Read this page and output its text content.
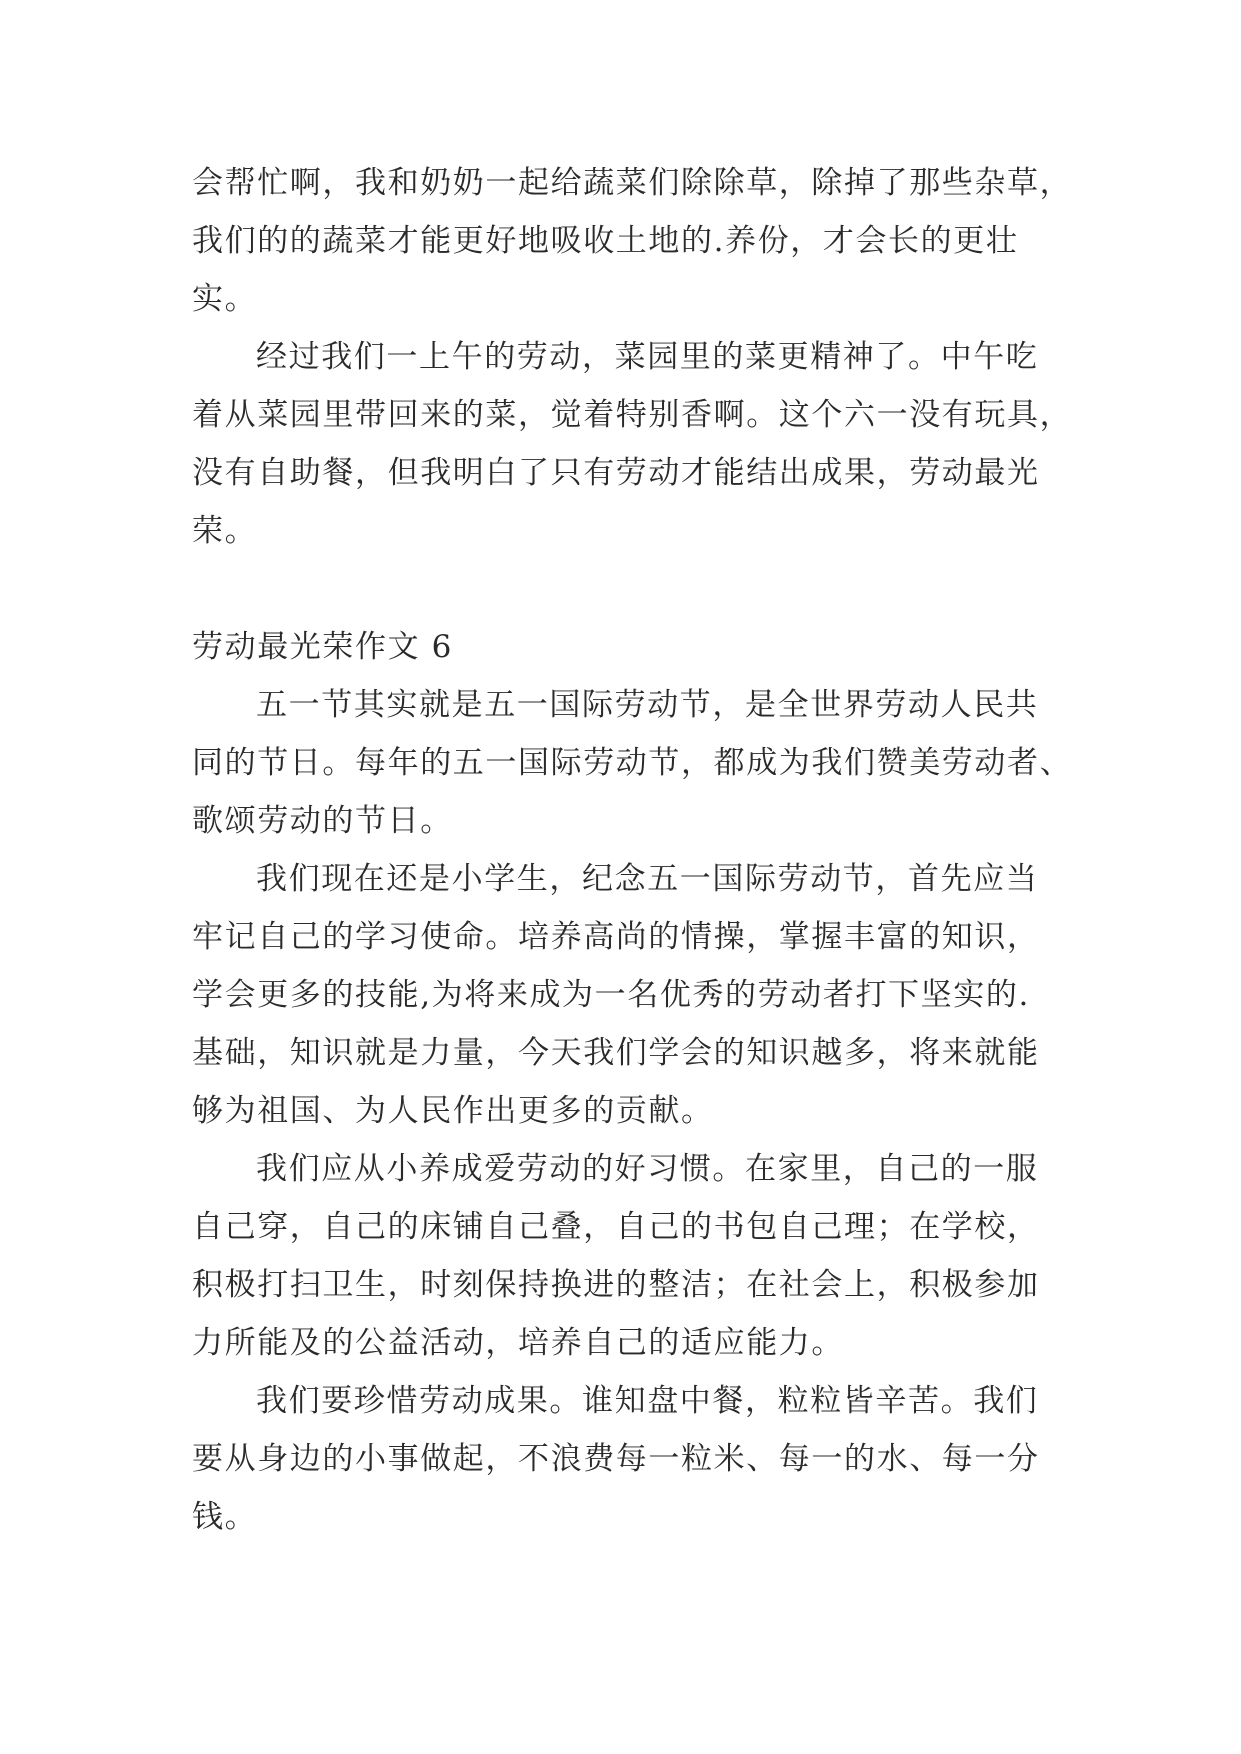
会帮忙啊，我和奶奶一起给蔬菜们除除草，除掉了那些杂草，
我们的的蔬菜才能更好地吸收土地的.养份，才会长的更壮
实。
经过我们一上午的劳动，菜园里的菜更精神了。中午吃
着从菜园里带回来的菜，觉着特别香啊。这个六一没有玩具，
没有自助餐，但我明白了只有劳动才能结出成果，劳动最光
荣。
劳动最光荣作文 6
五一节其实就是五一国际劳动节，是全世界劳动人民共
同的节日。每年的五一国际劳动节，都成为我们赞美劳动者、
歌颂劳动的节日。
我们现在还是小学生，纪念五一国际劳动节，首先应当
牢记自己的学习使命。培养高尚的情操，掌握丰富的知识，
学会更多的技能,为将来成为一名优秀的劳动者打下坚实的.
基础，知识就是力量，今天我们学会的知识越多，将来就能
够为祖国、为人民作出更多的贡献。
我们应从小养成爱劳动的好习惯。在家里，自己的一服
自己穿，自己的床铺自己叠，自己的书包自己理；在学校，
积极打扫卫生，时刻保持换进的整洁；在社会上，积极参加
力所能及的公益活动，培养自己的适应能力。
我们要珍惜劳动成果。谁知盘中餐，粒粒皆辛苦。我们
要从身边的小事做起，不浪费每一粒米、每一的水、每一分
钱。
